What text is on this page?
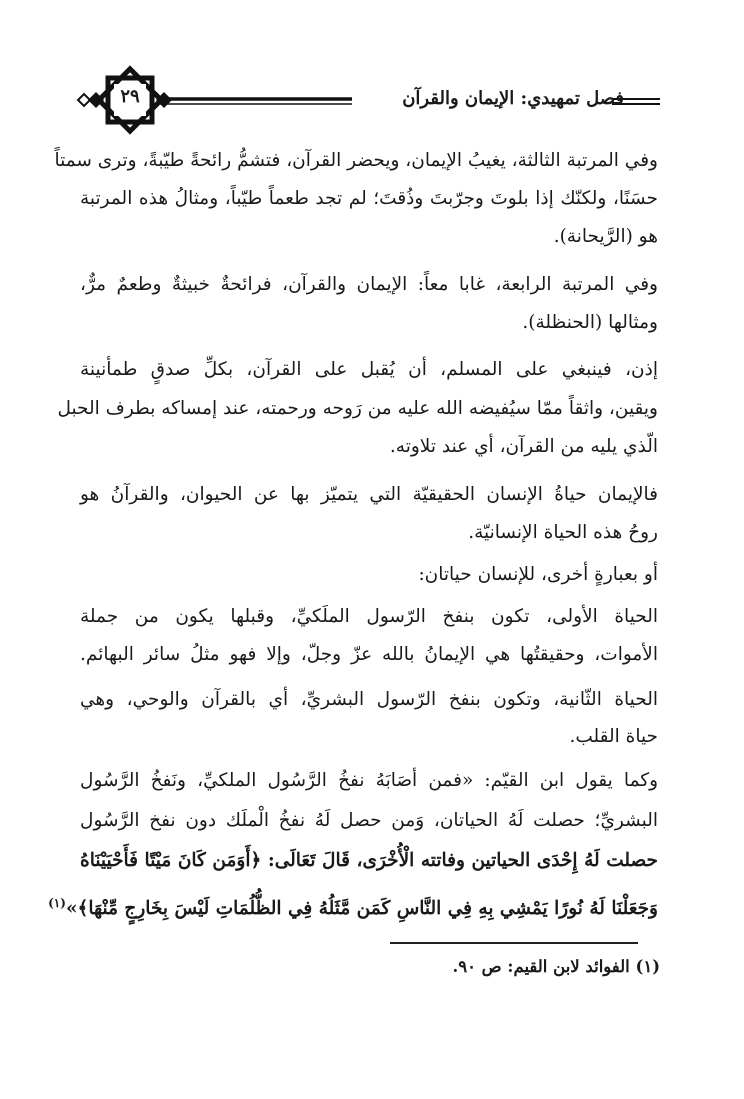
فصل تمهيدي: الإيمان والقرآن
٢٩
وفي المرتبة الثالثة، يغيبُ الإيمان، ويحضر القرآن، فتشمُّ رائحةً طيّبةً، وترى سمتاً
حسَنًا، ولكنّك إذا بلوتَ وجرّبتَ وذُقتَ؛ لم تجد طعماً طيّباً، ومثالُ هذه المرتبة
هو (الرَّيحانة).
وفي المرتبة الرابعة، غابا معاً: الإيمان والقرآن، فرائحةٌ خبيثةٌ وطعمٌ مرٌّ،
ومثالها (الحنظلة).
إذن، فينبغي على المسلم، أن يُقبل على القرآن، بكلِّ صدقٍ طمأنينة
ويقين، واثقاً ممّا سيُفيضه الله عليه من رَوحه ورحمته، عند إمساكه بطرف الحبل
الّذي يليه من القرآن، أي عند تلاوته.
فالإيمان حياةُ الإنسان الحقيقيّة التي يتميّز بها عن الحيوان، والقرآنُ هو
روحُ هذه الحياة الإنسانيّة.
أو بعبارةٍ أخرى، للإنسان حياتان:
الحياة الأولى، تكون بنفخ الرّسول الملَكيِّ، وقبلها يكون من جملة
الأموات، وحقيقتُها هي الإيمانُ بالله عزّ وجلّ، وإلا فهو مثلُ سائر البهائم.
الحياة الثّانية، وتكون بنفخ الرّسول البشريِّ، أي بالقرآن والوحي، وهي
حياة القلب.
وكما يقول ابن القيّم: «فمن أصَابَهُ نفخُ الرَّسُول الملكيِّ، ونَفخُ الرَّسُول
البشريِّ؛ حصلت لَهُ الحياتان، وَمن حصل لَهُ نفخُ الْملَك دون نفخ الرَّسُول
حصلت لَهُ إِحْدَى الحياتين وفاتته الْأُخْرَى، قَالَ تَعَالَى: ﴿أَوَمَن كَانَ مَيْتًا فَأَحْيَيْنَاهُ
وَجَعَلْنَا لَهُ نُورًا يَمْشِي بِهِ فِي النَّاسِ كَمَن مَّثَلُهُ فِي الظُّلُمَاتِ لَيْسَ بِخَارِجٍ مِّنْهَا﴾»$^{(١)}$
(١) الفوائد لابن القيم: ص ٩٠.
